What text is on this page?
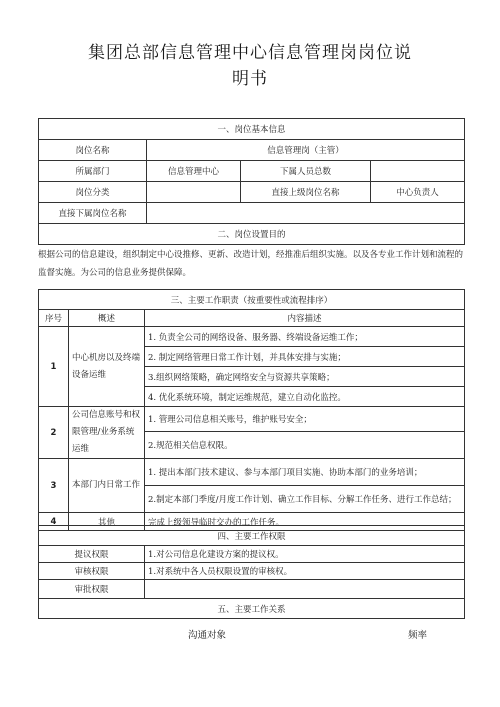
集团总部信息管理中心信息管理岗岗位说
明书
一、岗位基本信息			
岗位名称	信息管理岗（主管）		
所属部门	信息管理中心	下属人员总数	
岗位分类		直接上级岗位名称	中心负责人
直接下属岗位名称			
二、岗位设置目的			
根据公司的信息建设，组织制定中心设推修、更新、改造计划，经推准后组织实施。以及各专业工作计划和流程的监督实施。为公司的信息业务提供保障。
三、主要工作职责（按重要性或流程排序）		
序号	概述	内容描述
1	中心机房以及终端设备运维	1. 负责全公司的网络设备、服务器、终端设备运维工作；
		2. 制定网络管理日常工作计划，并具体安排与实施；
		3.组织网络策略，确定网络安全与资源共享策略；
		4. 优化系统环境，制定运维规范，建立自动化监控。
2	公司信息账号和权限管理/业务系统运维	1. 管理公司信息相关账号，维护账号安全；
		2.规范相关信息权限。
3	本部门内日常工作	1. 提出本部门技术建议、参与本部门项目实施、协助本部门的业务培训；
		2.制定本部门季度/月度工作计划、确立工作目标、分解工作任务、进行工作总结；
4	其他	完成上级领导临时交办的工作任务。
四、主要工作权限	
提议权限	1.对公司信息化建设方案的提议权。
审核权限	1.对系统中各人员权限设置的审核权。
审批权限	
五、主要工作关系	
沟通对象	频率
